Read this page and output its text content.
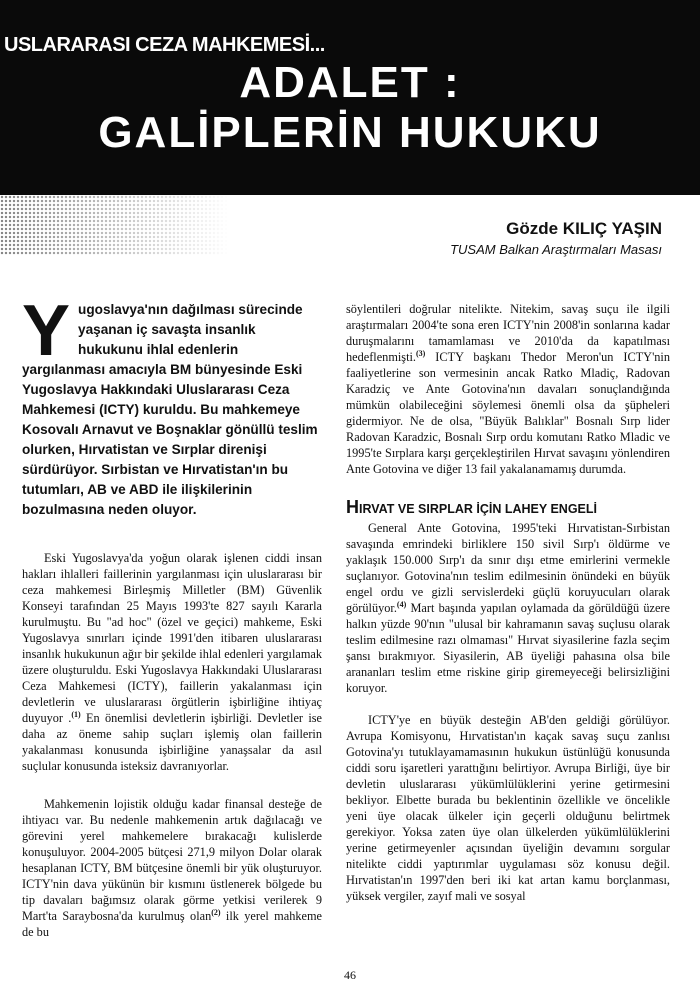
USLARARASI CEZA MAHKEMESİ...
ADALET :
GALİPLERİN HUKUKU
Gözde KILIÇ YAŞIN
TUSAM Balkan Araştırmaları Masası

Yugoslavya'nın dağılması sürecinde yaşanan iç savaşta insanlık hukukunu ihlal edenlerin yargılanması amacıyla BM bünyesinde Eski Yugoslavya Hakkındaki Uluslararası Ceza Mahkemesi (ICTY) kuruldu. Bu mahkemeye Kosovalı Arnavut ve Boşnaklar gönüllü teslim olurken, Hırvatistan ve Sırplar direnişi sürdürüyor. Sırbistan ve Hırvatistan'ın bu tutumları, AB ve ABD ile ilişkilerinin bozulmasına neden oluyor.

Eski Yugoslavya'da yoğun olarak işlenen ciddi insan hakları ihlalleri faillerinin yargılanması için uluslararası bir ceza mahkemesi Birleşmiş Milletler (BM) Güvenlik Konseyi tarafından 25 Mayıs 1993'te 827 sayılı Kararla kurulmuştu. Bu "ad hoc" (özel ve geçici) mahkeme, Eski Yugoslavya sınırları içinde 1991'den itibaren uluslararası insanlık hukukunun ağır bir şekilde ihlal edenleri yargılamak üzere oluşturuldu. Eski Yugoslavya Hakkındaki Uluslararası Ceza Mahkemesi (ICTY), faillerin yakalanması için devletlerin ve uluslararası örgütlerin işbirliğine ihtiyaç duyuyor .$^{(1)}$ En önemlisi devletlerin işbirliği. Devletler ise daha az öneme sahip suçları işlemiş olan faillerin yakalanması konusunda işbirliğine yanaşsalar da asıl suçlular konusunda isteksiz davranıyorlar.

Mahkemenin lojistik olduğu kadar finansal desteğe de ihtiyacı var. Bu nedenle mahkemenin artık dağılacağı ve görevini yerel mahkemelere bırakacağı kulislerde konuşuluyor. 2004-2005 bütçesi 271,9 milyon Dolar olarak hesaplanan ICTY, BM bütçesine önemli bir yük oluşturuyor. ICTY'nin dava yükünün bir kısmını üstlenerek bölgede bu tip davaları bağımsız olarak görme yetkisi verilerek 9 Mart'ta Saraybosna'da kurulmuş olan$^{(2)}$ ilk yerel mahkeme de bu

söylentileri doğrular nitelikte. Nitekim, savaş suçu ile ilgili araştırmaları 2004'te sona eren ICTY'nin 2008'in sonlarına kadar duruşmalarını tamamlaması ve 2010'da da kapatılması hedeflenmişti.$^{(3)}$ ICTY başkanı Thedor Meron'un ICTY'nin faaliyetlerine son vermesinin ancak Ratko Mladiç, Radovan Karadziç ve Ante Gotovina'nın davaları sonuçlandığında mümkün olabileceğini söylemesi önemli olsa da şüpheleri gidermiyor. Ne de olsa, "Büyük Balıklar" Bosnalı Sırp lider Radovan Karadzic, Bosnalı Sırp ordu komutanı Ratko Mladic ve 1995'te Sırplara karşı gerçekleştirilen Hırvat savaşını yönlendiren Ante Gotovina ve diğer 13 fail yakalanamamış durumda.

HIRVAT VE SIRPLAR İÇİN LAHEY ENGELİ

General Ante Gotovina, 1995'teki Hırvatistan-Sırbistan savaşında emrindeki birliklere 150 sivil Sırp'ı öldürme ve yaklaşık 150.000 Sırp'ı da sınır dışı etme emirlerini vermekle suçlanıyor. Gotovina'nın teslim edilmesinin önündeki en büyük engel ordu ve gizli servislerdeki güçlü koruyucuları olarak görülüyor.$^{(4)}$ Mart başında yapılan oylamada da görüldüğü üzere halkın yüzde 90'nın "ulusal bir kahramanın savaş suçlusu olarak teslim edilmesine razı olmaması" Hırvat siyasilerine fazla seçim şansı bırakmıyor. Siyasilerin, AB üyeliği pahasına olsa bile arananları teslim etme riskine girip giremeyeceği belirsizliğini koruyor.

ICTY'ye en büyük desteğin AB'den geldiği görülüyor. Avrupa Komisyonu, Hırvatistan'ın kaçak savaş suçu zanlısı Gotovina'yı tutuklayamamasının hukukun üstünlüğü konusunda ciddi soru işaretleri yarattığını belirtiyor. Avrupa Birliği, üye bir devletin uluslararası yükümlülüklerini yerine getirmesini bekliyor. Elbette burada bu beklentinin özellikle ve öncelikle yeni üye olacak ülkeler için geçerli olduğunu belirtmek gerekiyor. Yoksa zaten üye olan ülkelerden yükümlülüklerini yerine getirmeyenler açısından üyeliğin devamını sorgular nitelikte ciddi yaptırımlar uygulaması söz konusu değil. Hırvatistan'ın 1997'den beri iki kat artan kamu borçlanması, yüksek vergiler, zayıf mali ve sosyal

46
